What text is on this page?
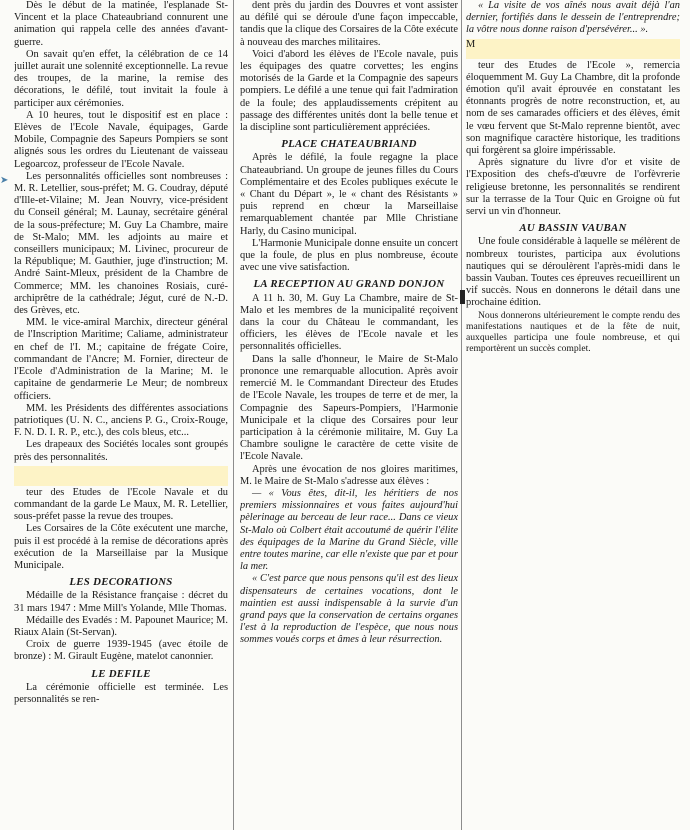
➤

Dès le début de la matinée, l'esplanade St-Vincent et la place Chateaubriand connurent une animation qui rappela celle des années d'avant-guerre.

On savait qu'en effet, la célébration de ce 14 juillet aurait une solennité exceptionnelle. La revue des troupes, de la marine, la remise des décorations, le défilé, tout invitait la foule à participer aux cérémonies.

A 10 heures, tout le dispositif est en place : Elèves de l'Ecole Navale, équipages, Garde Mobile, Compagnie des Sapeurs Pompiers se sont alignés sous les ordres du Lieutenant de vaisseau Legoarcoz, professeur de l'Ecole Navale.

Les personnalités officielles sont nombreuses : M. R. Letellier, sous-préfet; M. G. Coudray, député d'Ille-et-Vilaine; M. Jean Nouvry, vice-président du Conseil général; M. Launay, secrétaire général de la sous-préfecture; M. Guy La Chambre, maire de St-Malo; MM. les adjoints au maire et conseillers municipaux; M. Livinec, procureur de la République; M. Gauthier, juge d'instruction; M. André Saint-Mleux, président de la Chambre de Commerce; MM. les chanoines Rosiais, curé-archiprêtre de la cathédrale; Jégut, curé de N.-D. des Grèves, etc.

MM. le vice-amiral Marchix, directeur général de l'Inscription Maritime; Caliame, administrateur en chef de l'I. M.; capitaine de frégate Coire, commandant de l'Ancre; M. Fornier, directeur de l'Ecole d'Administration de la Marine; M. le capitaine de gendarmerie Le Meur; de nombreux officiers.

MM. les Présidents des différentes associations patriotiques (U. N. C., anciens P. G., Croix-Rouge, F. N. D. I. R. P., etc.), des cols bleus, etc...

Les drapeaux des Sociétés locales sont groupés près des personnalités.

teur des Etudes de l'Ecole Navale et du commandant de la garde Le Maux, M. R. Letellier, sous-préfet passe la revue des troupes.

Les Corsaires de la Côte exécutent une marche, puis il est procédé à la remise de décorations après exécution de la Marseillaise par la Musique Municipale.

LES DECORATIONS

Médaille de la Résistance française : décret du 31 mars 1947 : Mme Mill's Yolande, Mlle Thomas.

Médaille des Evadés : M. Papounet Maurice; M. Riaux Alain (St-Servan).

Croix de guerre 1939-1945 (avec étoile de bronze) : M. Girault Eugène, matelot canonnier.

LE DEFILE

La cérémonie officielle est terminée. Les personnalités se ren-

dent près du jardin des Douvres et vont assister au défilé qui se déroule d'une façon impeccable, tandis que la clique des Corsaires de la Côte exécute à nouveau des marches militaires.

Voici d'abord les élèves de l'Ecole navale, puis les équipages des quatre corvettes; les engins motorisés de la Garde et la Compagnie des sapeurs pompiers. Le défilé a une tenue qui fait l'admiration de la foule; des applaudissements crépitent au passage des différentes unités dont la belle tenue et la discipline sont particulièrement appréciées.

PLACE CHATEAUBRIAND

Après le défilé, la foule regagne la place Chateaubriand. Un groupe de jeunes filles du Cours Complémentaire et des Ecoles publiques exécute le « Chant du Départ », le « chant des Résistants » puis reprend en chœur la Marseillaise remarquablement chantée par Mlle Christiane Harly, du Casino municipal.

L'Harmonie Municipale donne ensuite un concert que la foule, de plus en plus nombreuse, écoute avec une vive satisfaction.

LA RECEPTION AU GRAND DONJON

A 11 h. 30, M. Guy La Chambre, maire de St-Malo et les membres de la municipalité reçoivent dans la cour du Château le commandant, les officiers, les élèves de l'Ecole navale et les personnalités officielles.

Dans la salle d'honneur, le Maire de St-Malo prononce une remarquable allocution. Après avoir remercié M. le Commandant Directeur des Etudes de l'Ecole Navale, les troupes de terre et de mer, la Compagnie des Sapeurs-Pompiers, l'Harmonie Municipale et la clique des Corsaires pour leur participation à la cérémonie militaire, M. Guy La Chambre souligne le caractère de cette visite de l'Ecole Navale.

Après une évocation de nos gloires maritimes, M. le Maire de St-Malo s'adresse aux élèves :

— « Vous êtes, dit-il, les héritiers de nos premiers missionnaires et vous faites aujourd'hui pèlerinage au berceau de leur race... Dans ce vieux St-Malo où Colbert était accoutumé de quérir l'élite des équipages de la Marine du Grand Siècle, ville entre toutes marine, car elle n'existe que par et pour la mer.

« C'est parce que nous pensons qu'il est des lieux dispensateurs de certaines vocations, dont le maintien est aussi indispensable à la survie d'un grand pays que la conservation de certains organes l'est à la reproduction de l'espèce, que nous nous sommes voués corps et âmes à leur résurrection.

« La visite de vos aînés nous avait déjà l'an dernier, fortifiés dans le dessein de l'entreprendre; la vôtre nous donne raison d'persévérer... ».

M

teur des Etudes de l'Ecole », remercia éloquemment M. Guy La Chambre, dit la profonde émotion qu'il avait éprouvée en constatant les étonnants progrès de notre reconstruction, et, au nom de ses camarades officiers et des élèves, émit le vœu fervent que St-Malo reprenne bientôt, avec son magnifique caractère historique, les traditions qui forgèrent sa gloire impérissable.

Après signature du livre d'or et visite de l'Exposition des chefs-d'œuvre de l'orfèvrerie religieuse bretonne, les personnalités se rendirent sur la terrasse de la Tour Quic en Groigne où fut servi un vin d'honneur.

AU BASSIN VAUBAN

Une foule considérable à laquelle se mélèrent de nombreux touristes, participa aux évolutions nautiques qui se déroulèrent l'après-midi dans le bassin Vauban. Toutes ces épreuves recueillirent un vif succès. Nous en donnerons le détail dans une prochaine édition.

Nous donnerons ultérieurement le compte rendu des manifestations nautiques et de la fête de nuit, auxquelles participa une foule nombreuse, et qui remportèrent un succès complet.
